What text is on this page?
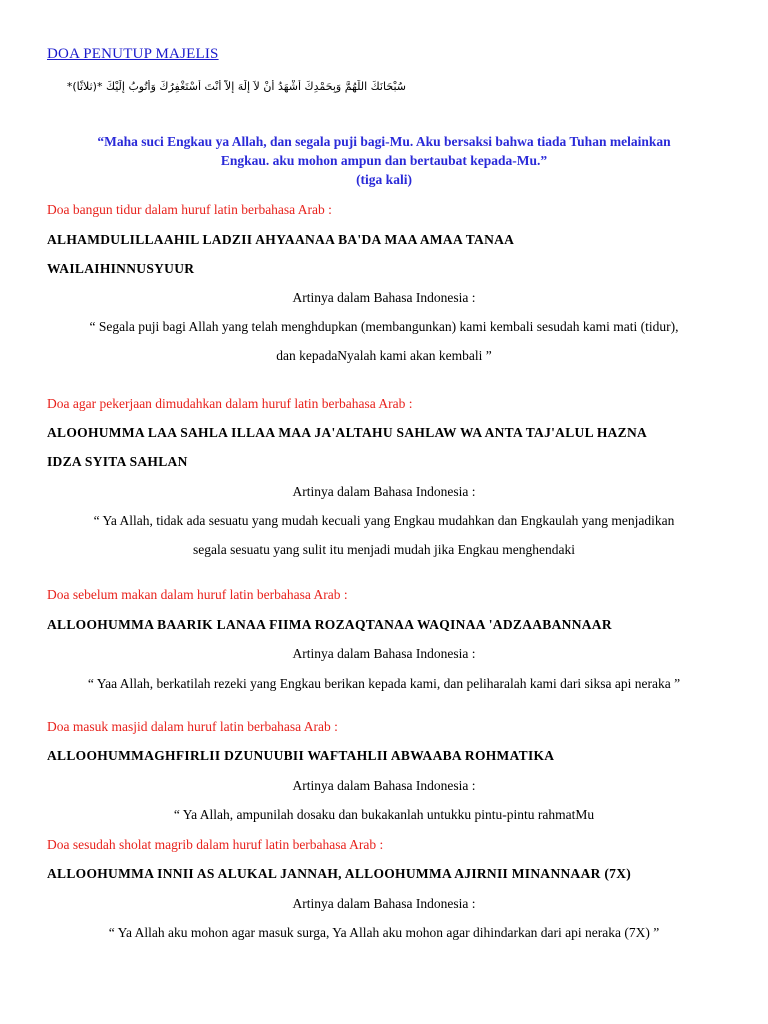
DOA PENUTUP MAJELIS
سُبْحَانَكَ اللَّهُمَّ وَبِحَمْدِكَ أَشْهَدُ أَنْ لاَ إِلَهَ إِلاَّ أَنْتَ أَسْتَغْفِرُكَ وَأَتُوبُ إِلَيْكَ *(ثلاثًا)*
“Maha suci Engkau ya Allah, dan segala puji bagi-Mu. Aku bersaksi bahwa tiada Tuhan melainkan
Engkau. aku mohon ampun dan bertaubat kepada-Mu.”
(tiga kali)
Doa bangun tidur dalam huruf latin berbahasa Arab :
ALHAMDULILLAAHIL LADZII AHYAANAA BA'DA MAA AMAA TANAA
WAILAIHINNUSYUUR
Artinya dalam Bahasa Indonesia :
“ Segala puji bagi Allah yang telah menghdupkan (membangunkan) kami kembali sesudah kami mati (tidur),
dan kepadaNyalah kami akan kembali ”
Doa agar pekerjaan dimudahkan dalam huruf latin berbahasa Arab :
ALOOHUMMA LAA SAHLA ILLAA MAA JA'ALTAHU SAHLAW WA ANTA TAJ'ALUL HAZNA
IDZA SYITA SAHLAN
Artinya dalam Bahasa Indonesia :
“ Ya Allah, tidak ada sesuatu yang mudah kecuali yang Engkau mudahkan dan Engkaulah yang menjadikan
segala sesuatu yang sulit itu menjadi mudah jika Engkau menghendaki
Doa sebelum makan dalam huruf latin berbahasa Arab :
ALLOOHUMMA BAARIK LANAA FIIMA ROZAQTANAA WAQINAA 'ADZAABANNAAR
Artinya dalam Bahasa Indonesia :
“ Yaa Allah, berkatilah rezeki yang Engkau berikan kepada kami, dan peliharalah kami dari siksa api neraka ”
Doa masuk masjid dalam huruf latin berbahasa Arab :
ALLOOHUMMAGHFIRLII DZUNUUBII WAFTAHLII ABWAABA ROHMATIKA
Artinya dalam Bahasa Indonesia :
“ Ya Allah, ampunilah dosaku dan bukakanlah untukku pintu-pintu rahmatMu
Doa sesudah sholat magrib dalam huruf latin berbahasa Arab :
ALLOOHUMMA INNII AS ALUKAL JANNAH, ALLOOHUMMA AJIRNII MINANNAAR (7X)
Artinya dalam Bahasa Indonesia :
“ Ya Allah aku mohon agar masuk surga, Ya Allah aku mohon agar dihindarkan dari api neraka (7X) ”
